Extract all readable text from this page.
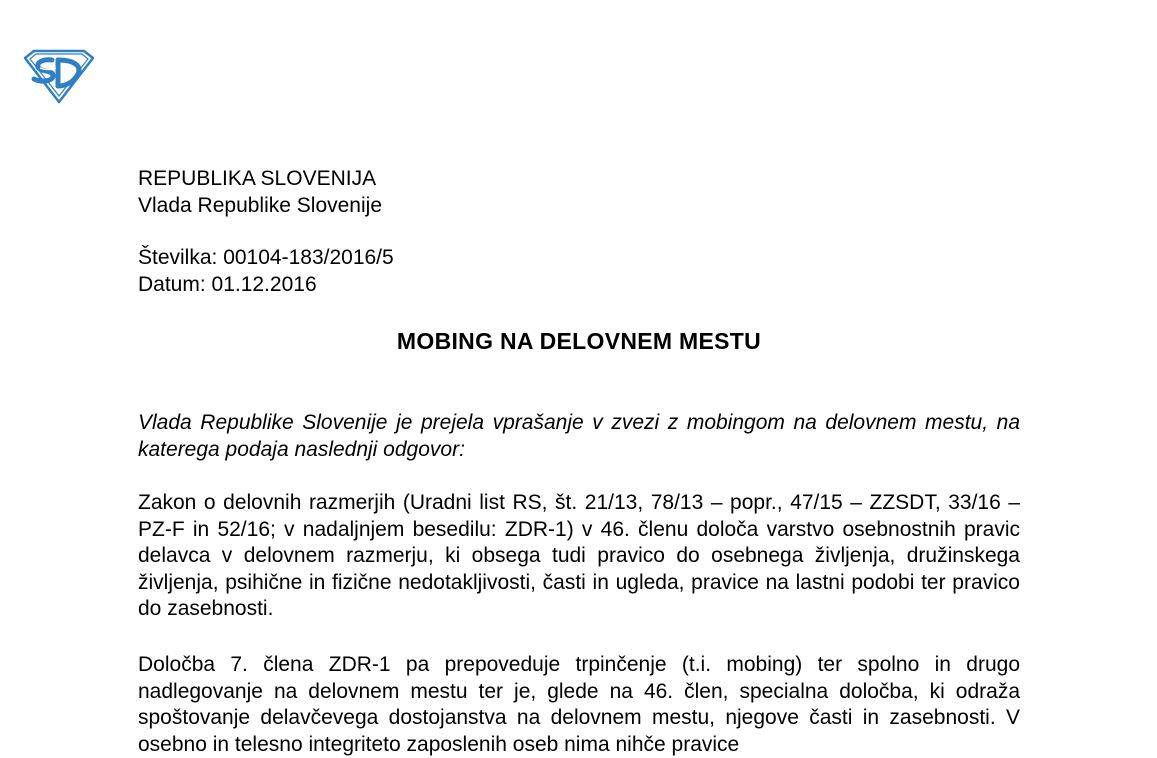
REPUBLIKA SLOVENIJA
Vlada Republike Slovenije
Številka: 00104-183/2016/5
Datum: 01.12.2016
MOBING NA DELOVNEM MESTU
Vlada Republike Slovenije je prejela vprašanje v zvezi z mobingom na delovnem mestu, na katerega podaja naslednji odgovor:
Zakon o delovnih razmerjih (Uradni list RS, št. 21/13, 78/13 – popr., 47/15 – ZZSDT, 33/16 – PZ-F in 52/16; v nadaljnjem besedilu: ZDR-1) v 46. členu določa varstvo osebnostnih pravic delavca v delovnem razmerju, ki obsega tudi pravico do osebnega življenja, družinskega življenja, psihične in fizične nedotakljivosti, časti in ugleda, pravice na lastni podobi ter pravico do zasebnosti.
Določba 7. člena ZDR-1 pa prepoveduje trpinčenje (t.i. mobing) ter spolno in drugo nadlegovanje na delovnem mestu ter je, glede na 46. člen, specialna določba, ki odraža spoštovanje delavčevega dostojanstva na delovnem mestu, njegove časti in zasebnosti. V osebno in telesno integriteto zaposlenih oseb nima nihče pravice
